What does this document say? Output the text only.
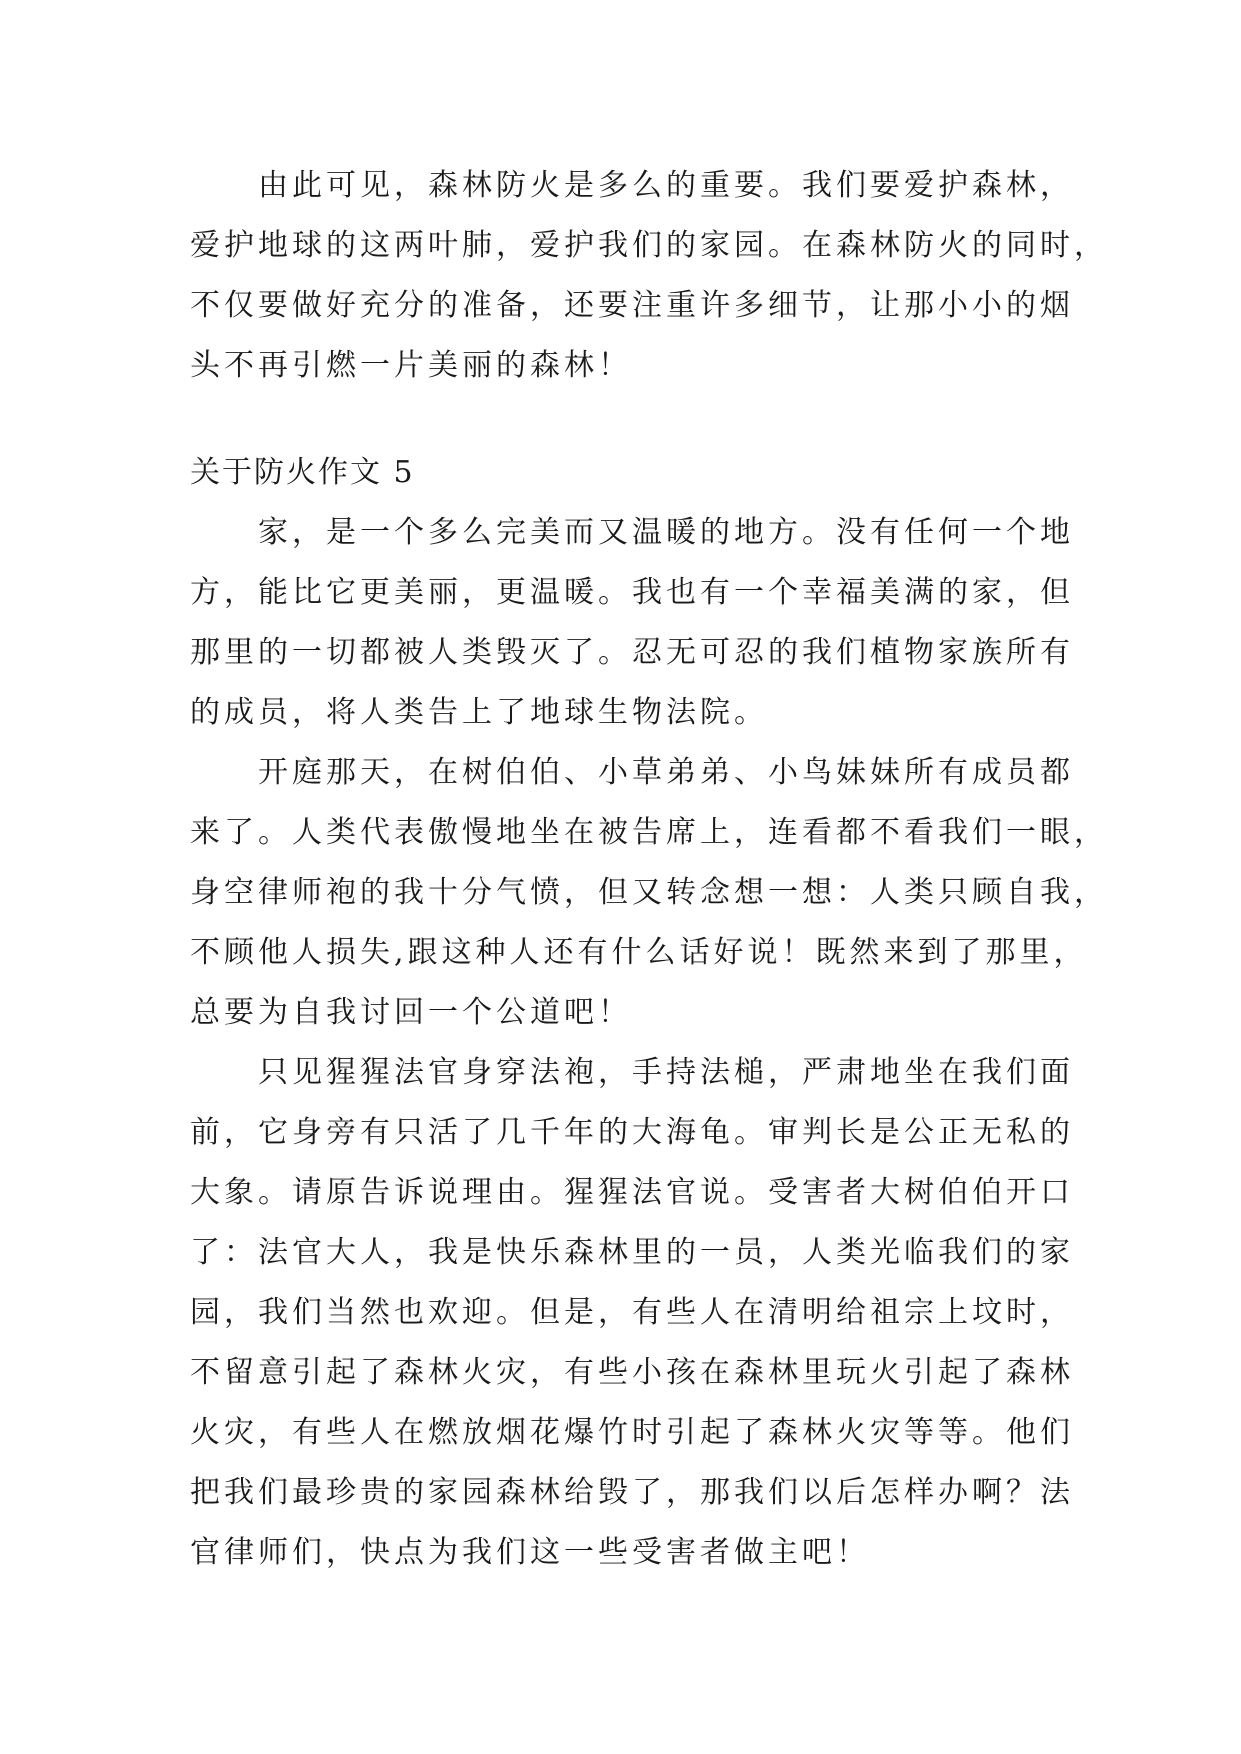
由此可见，森林防火是多么的重要。我们要爱护森林，
爱护地球的这两叶肺，爱护我们的家园。在森林防火的同时，
不仅要做好充分的准备，还要注重许多细节，让那小小的烟
头不再引燃一片美丽的森林！
关于防火作文 5
家，是一个多么完美而又温暖的地方。没有任何一个地
方，能比它更美丽，更温暖。我也有一个幸福美满的家，但
那里的一切都被人类毁灭了。忍无可忍的我们植物家族所有
的成员，将人类告上了地球生物法院。
开庭那天，在树伯伯、小草弟弟、小鸟妹妹所有成员都
来了。人类代表傲慢地坐在被告席上，连看都不看我们一眼，
身空律师袍的我十分气愤，但又转念想一想：人类只顾自我，
不顾他人损失,跟这种人还有什么话好说！既然来到了那里，
总要为自我讨回一个公道吧！
只见猩猩法官身穿法袍，手持法槌，严肃地坐在我们面
前，它身旁有只活了几千年的大海龟。审判长是公正无私的
大象。请原告诉说理由。猩猩法官说。受害者大树伯伯开口
了：法官大人，我是快乐森林里的一员，人类光临我们的家
园，我们当然也欢迎。但是，有些人在清明给祖宗上坟时，
不留意引起了森林火灾，有些小孩在森林里玩火引起了森林
火灾，有些人在燃放烟花爆竹时引起了森林火灾等等。他们
把我们最珍贵的家园森林给毁了，那我们以后怎样办啊？法
官律师们，快点为我们这一些受害者做主吧！
